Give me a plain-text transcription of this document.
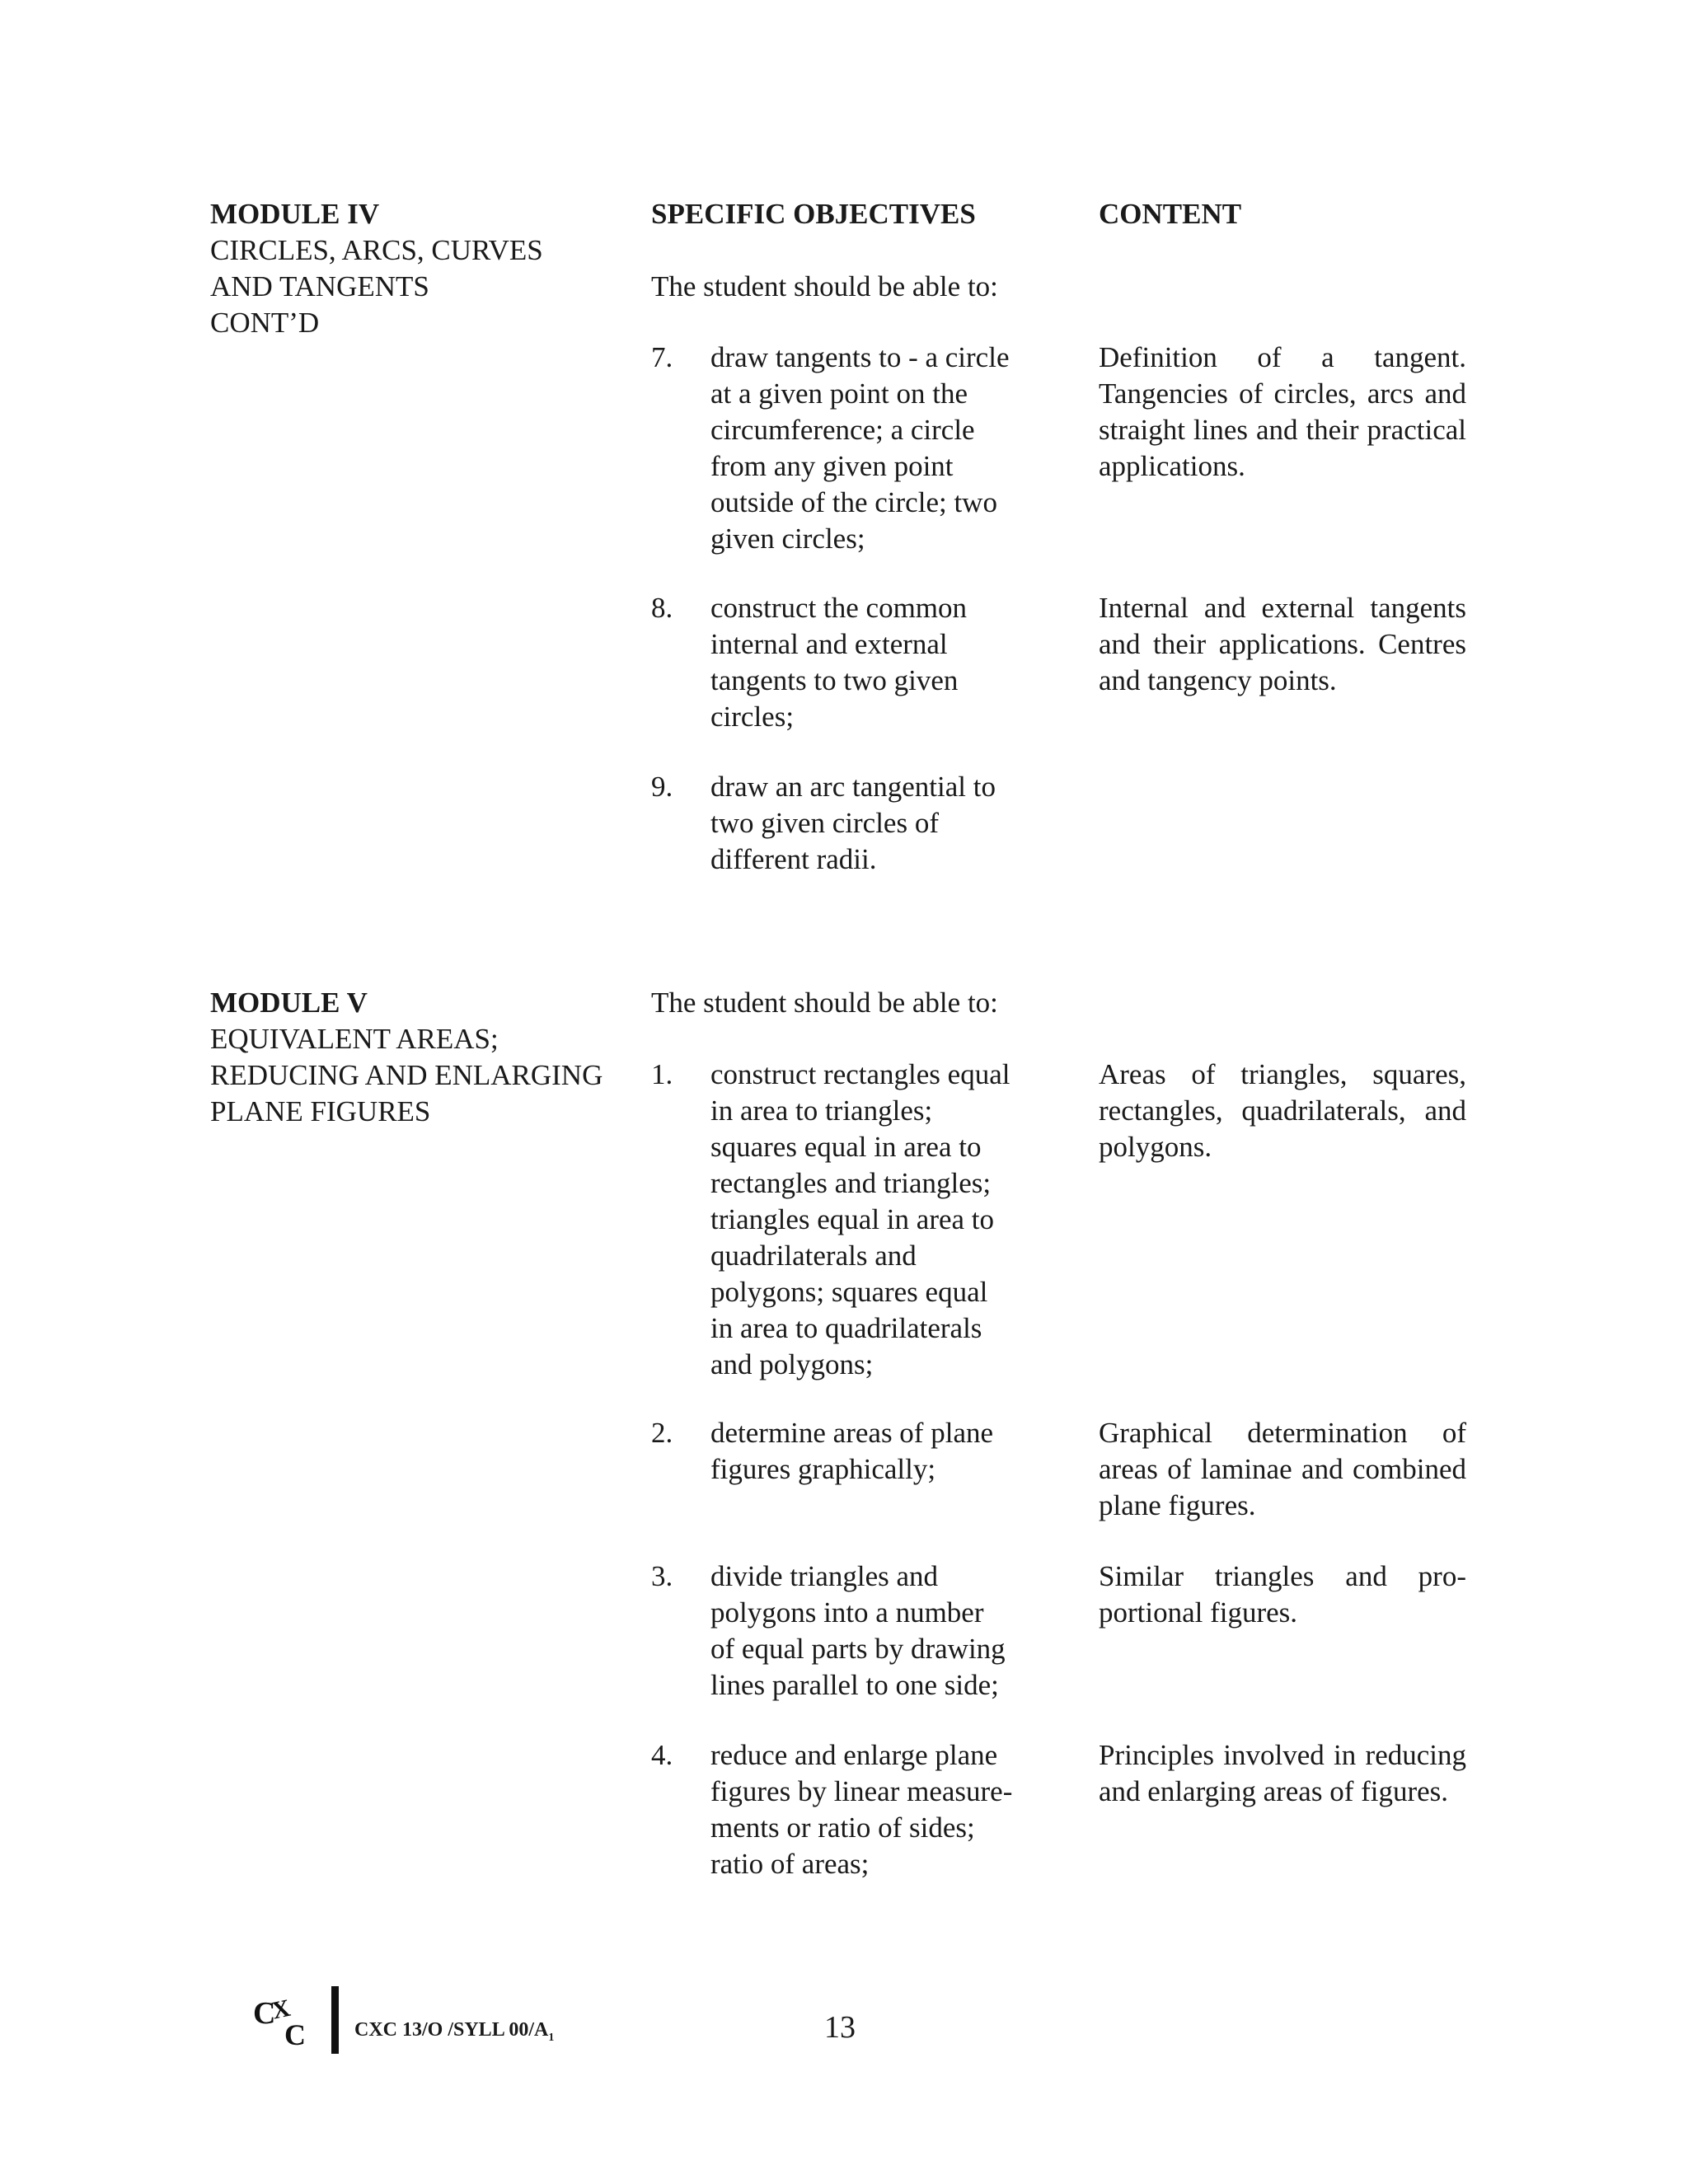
MODULE IV
CIRCLES, ARCS, CURVES
AND TANGENTS
CONT’D
SPECIFIC OBJECTIVES	CONTENT
The student should be able to:
7. draw tangents to - a circle
at a given point on the
circumference; a circle
from any given point
outside of the circle; two
given circles;
Definition of a tangent. Tangencies of circles, arcs and straight lines and their practical applications.
8. construct the common
internal and external
tangents to two given
circles;
Internal and external tangents and their applications. Centres and tangency points.
9. draw an arc tangential to
two given circles of
different radii.
MODULE V
EQUIVALENT AREAS;
REDUCING AND ENLARGING
PLANE FIGURES
The student should be able to:
1. construct rectangles equal
in area to triangles;
squares equal in area to
rectangles and triangles;
triangles equal in area to
quadrilaterals and
polygons; squares equal
in area to quadrilaterals
and polygons;
Areas of triangles, squares, rectangles, quadrilaterals, and polygons.
2. determine areas of plane
figures graphically;
Graphical determination of areas of laminae and combined plane figures.
3. divide triangles and
polygons into a number
of equal parts by drawing
lines parallel to one side;
Similar triangles and pro- portional figures.
4. reduce and enlarge plane
figures by linear measure-
ments or ratio of sides;
ratio of areas;
Principles involved in reducing and enlarging areas of figures.
C
X
C CXC 13/O /SYLL $00/A_1$	13
